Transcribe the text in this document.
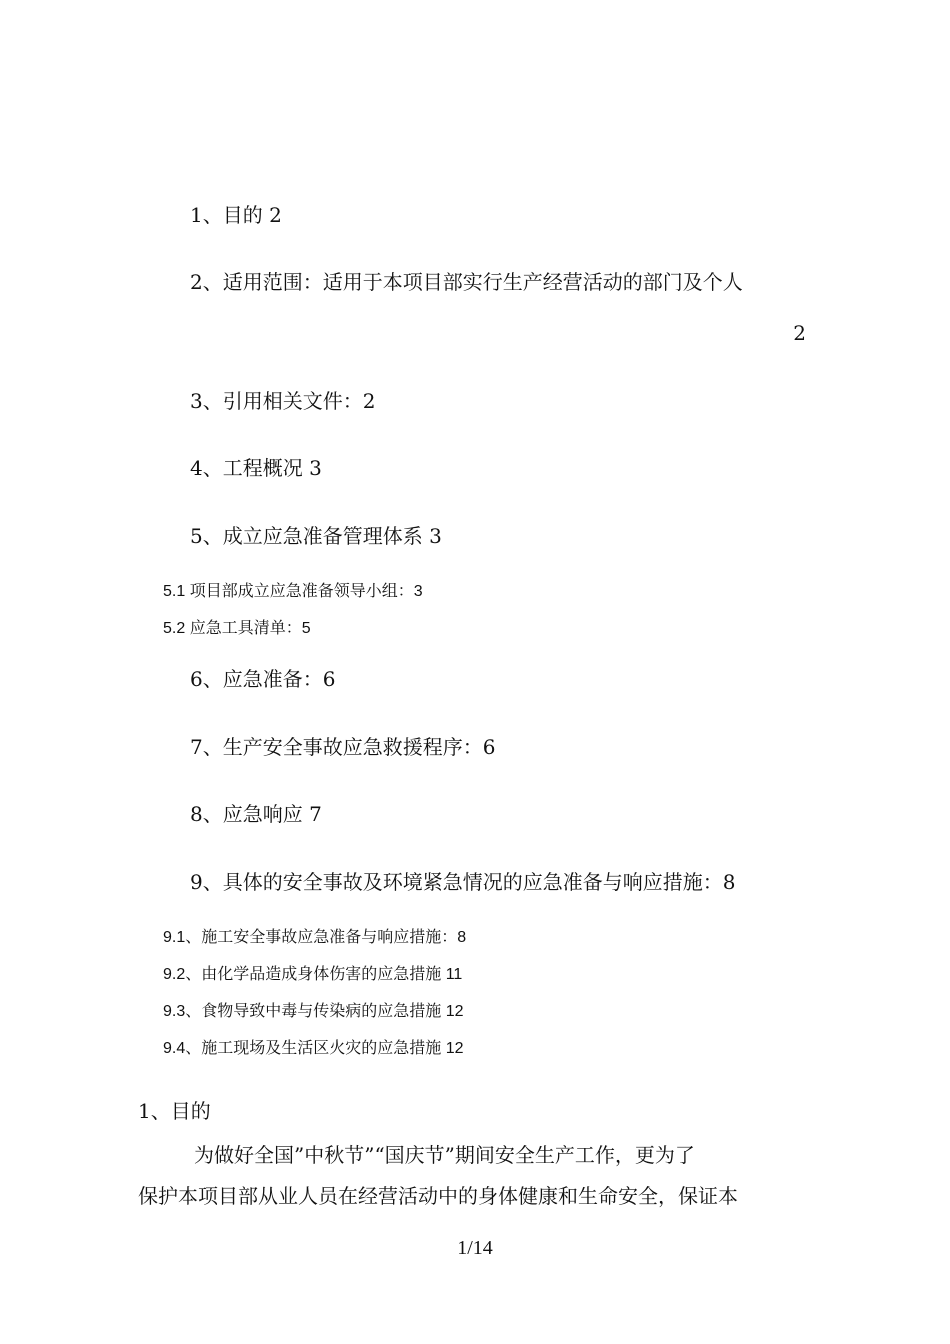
1、目的 2
2、适用范围：适用于本项目部实行生产经营活动的部门及个人
2
3、引用相关文件：2
4、工程概况 3
5、成立应急准备管理体系 3
5.1 项目部成立应急准备领导小组：3
5.2 应急工具清单：5
6、应急准备：6
7、生产安全事故应急救援程序：6
8、应急响应 7
9、具体的安全事故及环境紧急情况的应急准备与响应措施：8
9.1、施工安全事故应急准备与响应措施：8
9.2、由化学品造成身体伤害的应急措施 11
9.3、食物导致中毒与传染病的应急措施 12
9.4、施工现场及生活区火灾的应急措施 12
1、目的
为做好全国”中秋节”“国庆节”期间安全生产工作，更为了
保护本项目部从业人员在经营活动中的身体健康和生命安全，保证本
1/14
